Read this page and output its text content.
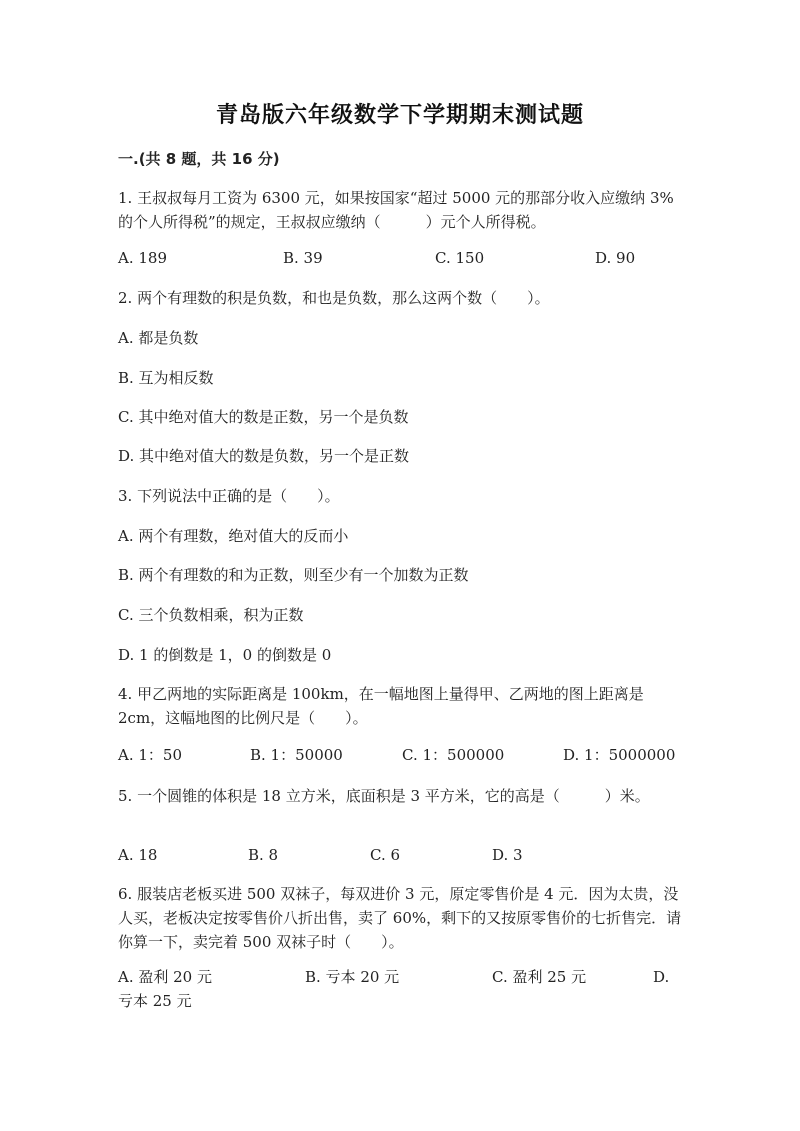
青岛版六年级数学下学期期末测试题
一.(共 8 题，共 16 分)
1. 王叔叔每月工资为 6300 元，如果按国家“超过 5000 元的那部分收入应缴纳 3%的个人所得税”的规定，王叔叔应缴纳（　　　）元个人所得税。
A. 189	B. 39	C. 150	D. 90
2. 两个有理数的积是负数，和也是负数，那么这两个数（　　）。
A. 都是负数
B. 互为相反数
C. 其中绝对值大的数是正数，另一个是负数
D. 其中绝对值大的数是负数，另一个是正数
3. 下列说法中正确的是（　　）。
A. 两个有理数，绝对值大的反而小
B. 两个有理数的和为正数，则至少有一个加数为正数
C. 三个负数相乘，积为正数
D. 1 的倒数是 1，0 的倒数是 0
4. 甲乙两地的实际距离是 100km，在一幅地图上量得甲、乙两地的图上距离是 2cm，这幅地图的比例尺是（　　）。
A. 1：50	B. 1：50000	C. 1：500000	D. 1：5000000
5. 一个圆锥的体积是 18 立方米，底面积是 3 平方米，它的高是（　　　）米。
A. 18	B. 8	C. 6	D. 3
6. 服装店老板买进 500 双袜子，每双进价 3 元，原定零售价是 4 元．因为太贵，没人买，老板决定按零售价八折出售，卖了 60%，剩下的又按原零售价的七折售完．请你算一下，卖完着 500 双袜子时（　　）。
A. 盈利 20 元	B. 亏本 20 元	C. 盈利 25 元	D.
亏本 25 元
